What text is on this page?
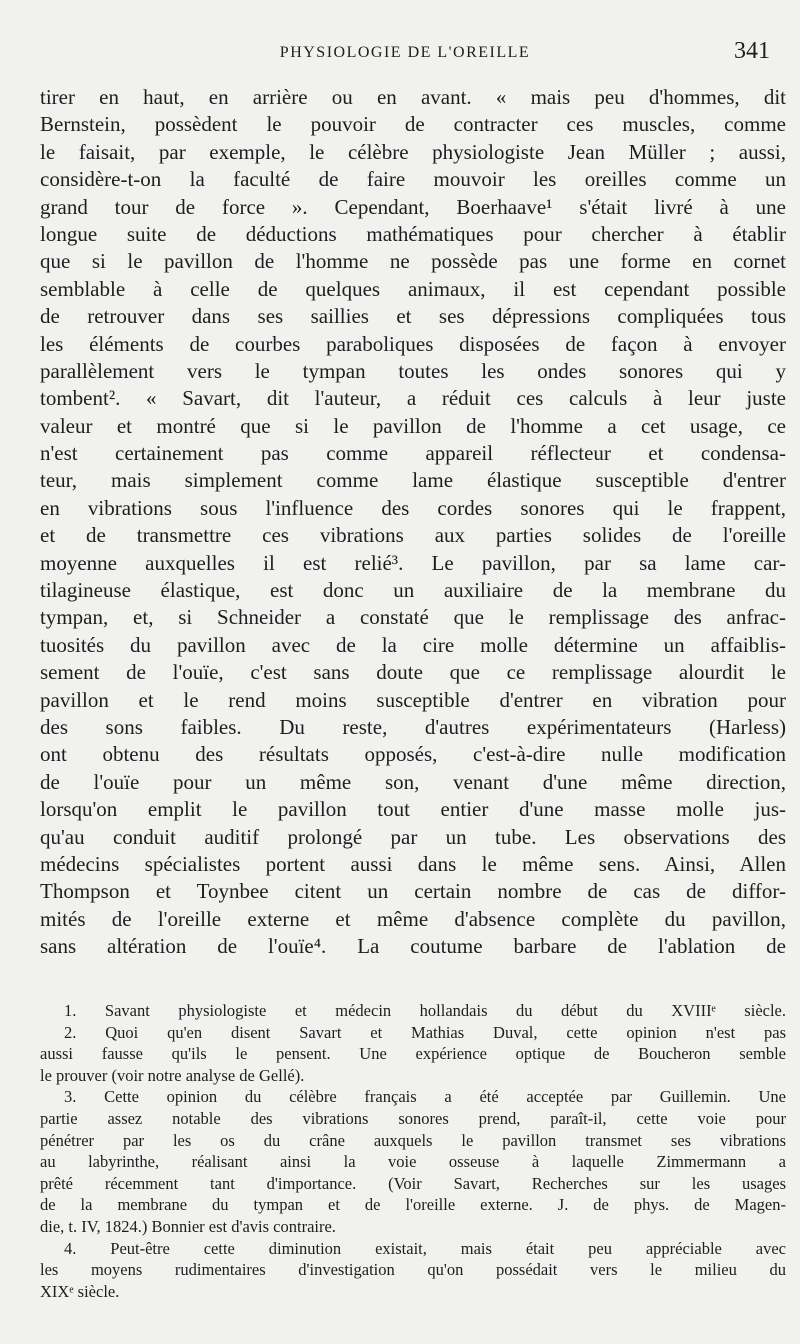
PHYSIOLOGIE DE L'OREILLE	341
tirer en haut, en arrière ou en avant. « mais peu d'hommes, dit
Bernstein, possèdent le pouvoir de contracter ces muscles, comme
le faisait, par exemple, le célèbre physiologiste Jean Müller ; aussi,
considère-t-on la faculté de faire mouvoir les oreilles comme un
grand tour de force ». Cependant, Boerhaave¹ s'était livré à une
longue suite de déductions mathématiques pour chercher à établir
que si le pavillon de l'homme ne possède pas une forme en cornet
semblable à celle de quelques animaux, il est cependant possible
de retrouver dans ses saillies et ses dépressions compliquées tous
les éléments de courbes paraboliques disposées de façon à envoyer
parallèlement vers le tympan toutes les ondes sonores qui y
tombent². « Savart, dit l'auteur, a réduit ces calculs à leur juste
valeur et montré que si le pavillon de l'homme a cet usage, ce
n'est certainement pas comme appareil réflecteur et condensa-
teur, mais simplement comme lame élastique susceptible d'entrer
en vibrations sous l'influence des cordes sonores qui le frappent,
et de transmettre ces vibrations aux parties solides de l'oreille
moyenne auxquelles il est relié³. Le pavillon, par sa lame car-
tilagineuse élastique, est donc un auxiliaire de la membrane du
tympan, et, si Schneider a constaté que le remplissage des anfrac-
tuosités du pavillon avec de la cire molle détermine un affaiblis-
sement de l'ouïe, c'est sans doute que ce remplissage alourdit le
pavillon et le rend moins susceptible d'entrer en vibration pour
des sons faibles. Du reste, d'autres expérimentateurs (Harless)
ont obtenu des résultats opposés, c'est-à-dire nulle modification
de l'ouïe pour un même son, venant d'une même direction,
lorsqu'on emplit le pavillon tout entier d'une masse molle jus-
qu'au conduit auditif prolongé par un tube. Les observations des
médecins spécialistes portent aussi dans le même sens. Ainsi, Allen
Thompson et Toynbee citent un certain nombre de cas de diffor-
mités de l'oreille externe et même d'absence complète du pavillon,
sans altération de l'ouïe⁴. La coutume barbare de l'ablation de
1. Savant physiologiste et médecin hollandais du début du XVIIIᵉ siècle.
2. Quoi qu'en disent Savart et Mathias Duval, cette opinion n'est pas
aussi fausse qu'ils le pensent. Une expérience optique de Boucheron semble
le prouver (voir notre analyse de Gellé).
3. Cette opinion du célèbre français a été acceptée par Guillemin. Une
partie assez notable des vibrations sonores prend, paraît-il, cette voie pour
pénétrer par les os du crâne auxquels le pavillon transmet ses vibrations
au labyrinthe, réalisant ainsi la voie osseuse à laquelle Zimmermann a
prêté récemment tant d'importance. (Voir Savart, Recherches sur les usages
de la membrane du tympan et de l'oreille externe. J. de phys. de Magen-
die, t. IV, 1824.) Bonnier est d'avis contraire.
4. Peut-être cette diminution existait, mais était peu appréciable avec
les moyens rudimentaires d'investigation qu'on possédait vers le milieu du
XIXᵉ siècle.
